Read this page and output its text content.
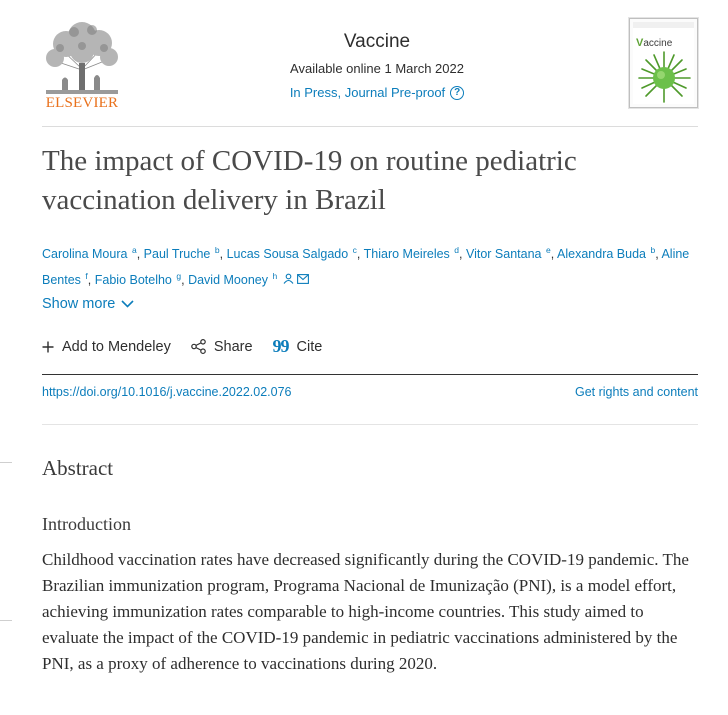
ELSEVIER
Vaccine
Available online 1 March 2022
In Press, Journal Pre-proof ?
Vaccine
The impact of COVID-19 on routine pediatric vaccination delivery in Brazil
Carolina Moura $^a$, Paul Truche $^b$, Lucas Sousa Salgado $^c$, Thiaro Meireles $^d$, Vitor Santana $^e$, Alexandra Buda $^b$, Aline Bentes $^f$, Fabio Botelho $^g$, David Mooney $^h$
Show more
Add to Mendeley	Share 99 Cite
https://doi.org/10.1016/j.vaccine.2022.02.076	Get rights and content
Abstract
Introduction

Childhood vaccination rates have decreased significantly during the COVID-19 pandemic. The Brazilian immunization program, Programa Nacional de Imunização (PNI), is a model effort, achieving immunization rates comparable to high-income countries. This study aimed to evaluate the impact of the COVID-19 pandemic in pediatric vaccinations administered by the PNI, as a proxy of adherence to vaccinations during 2020.
